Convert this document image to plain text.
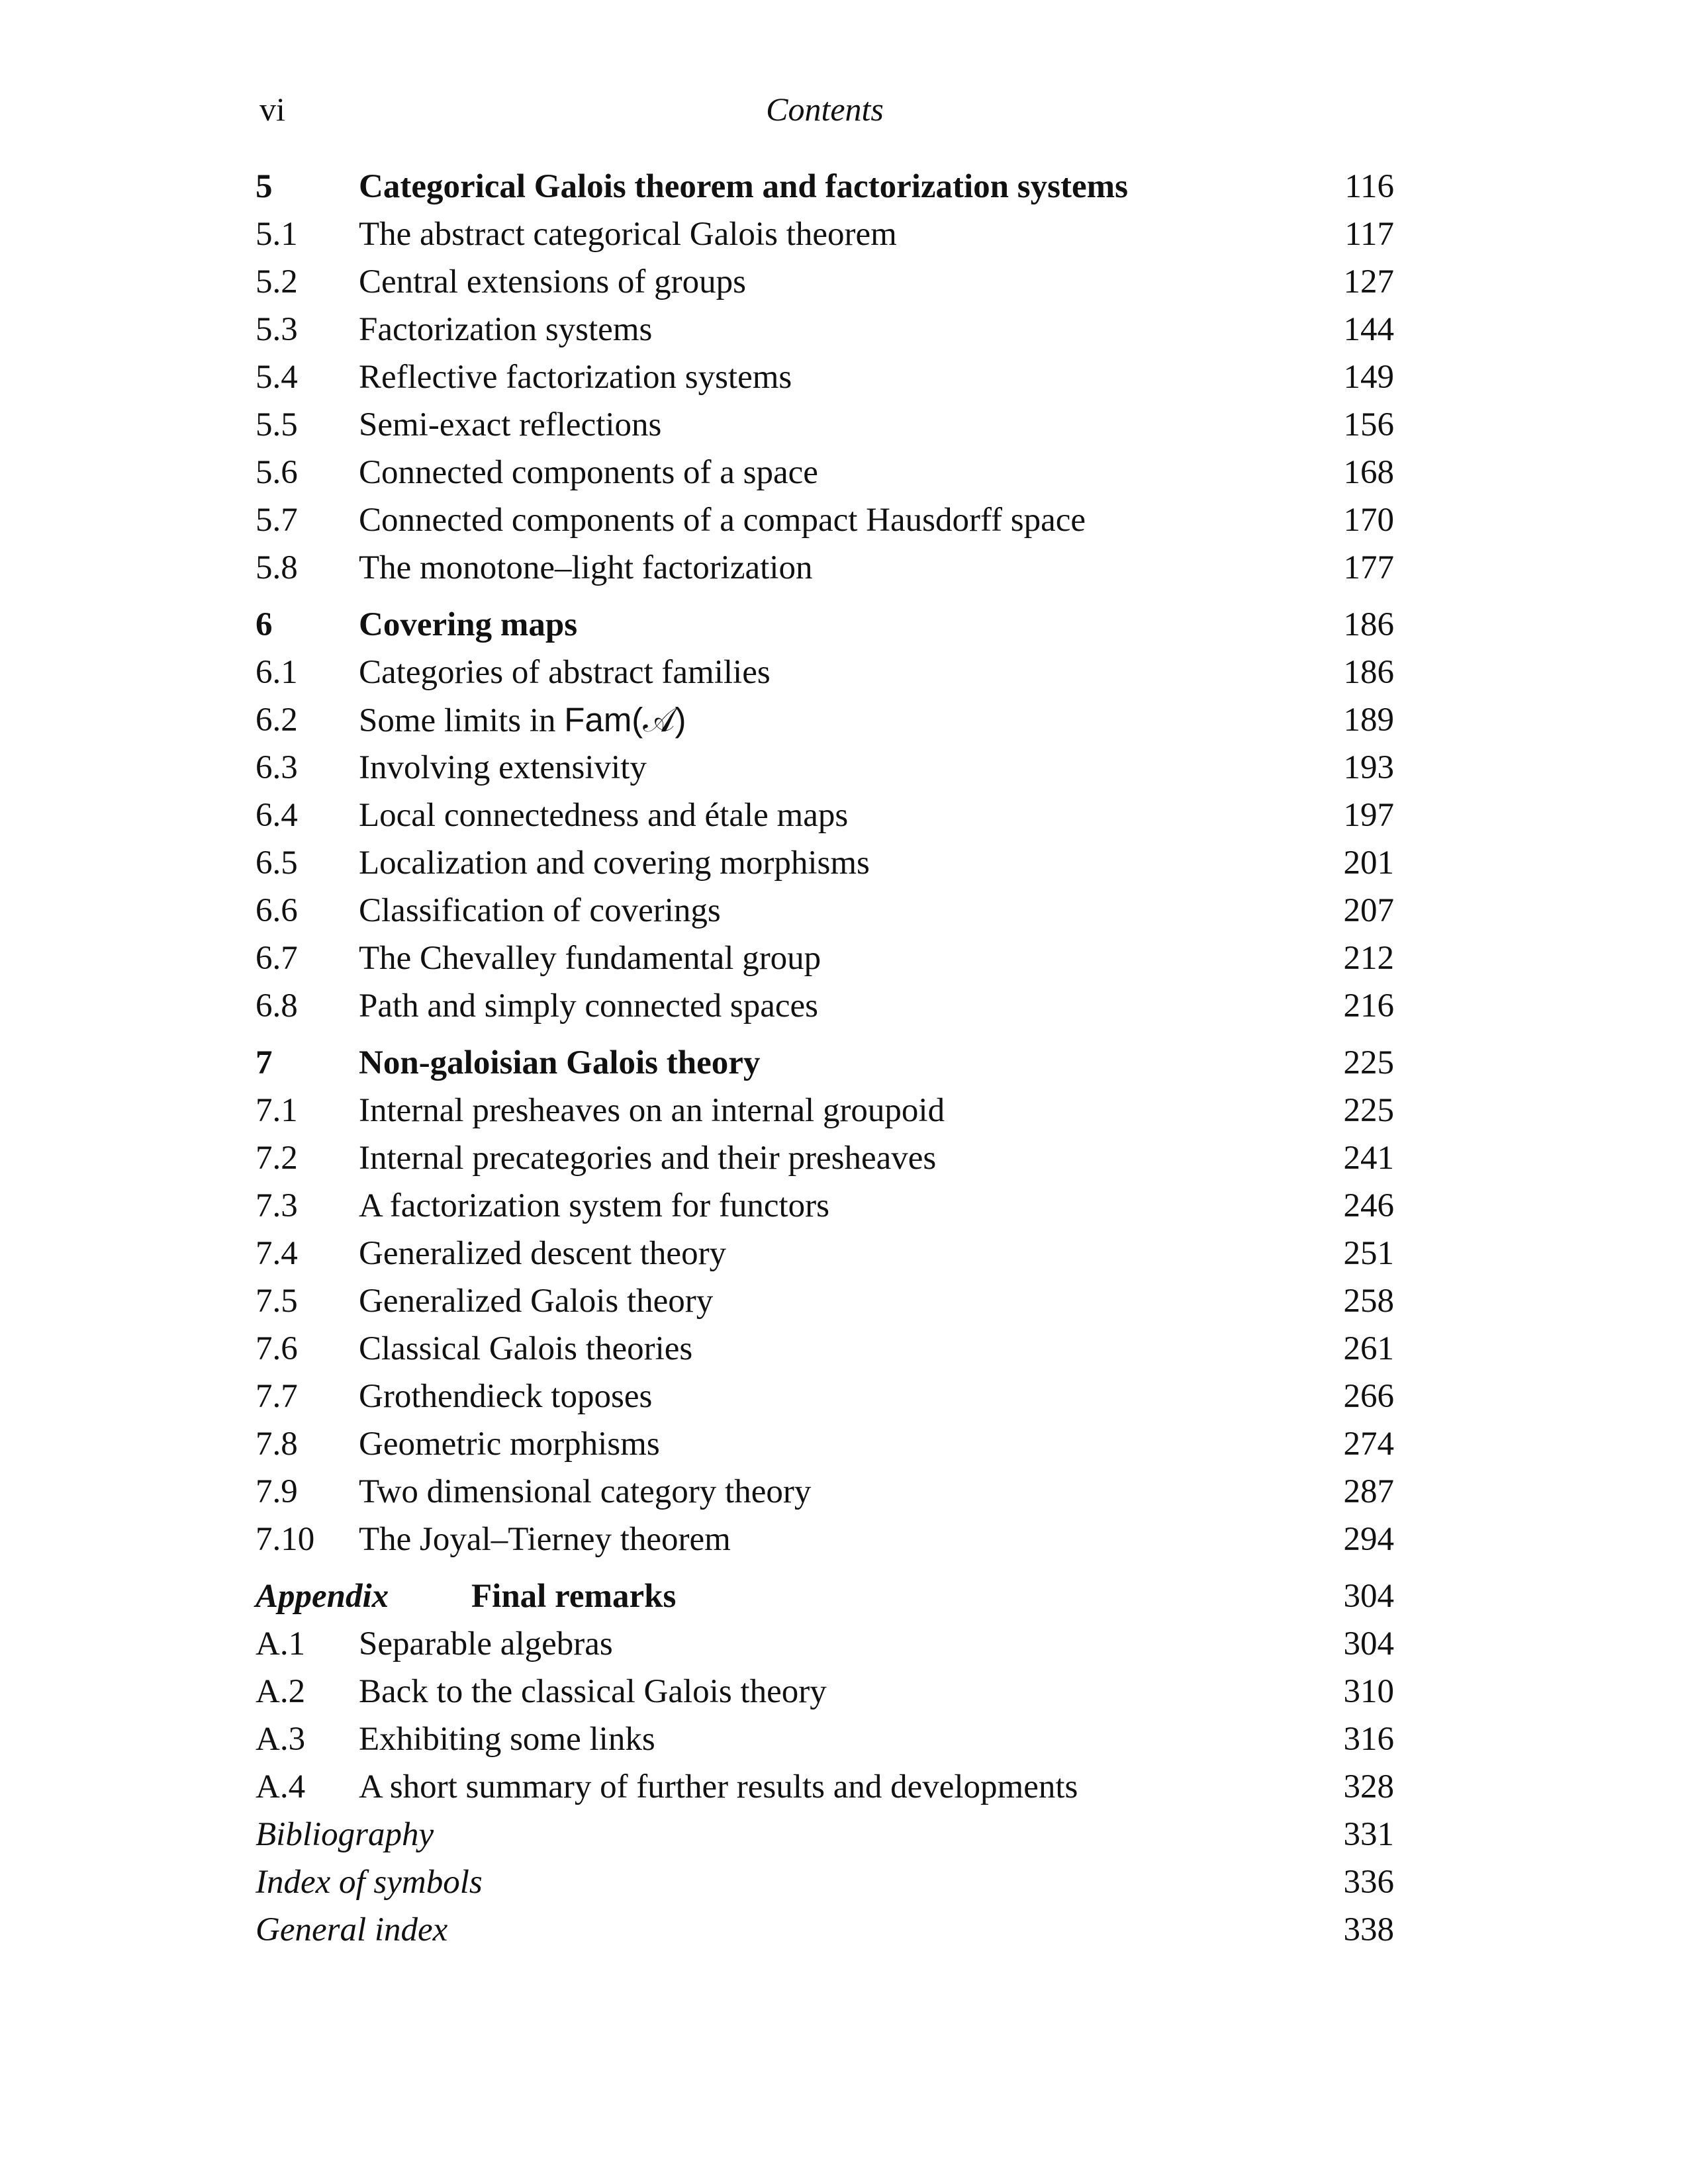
vi	Contents
5	Categorical Galois theorem and factorization systems	116
5.1 The abstract categorical Galois theorem	117
5.2 Central extensions of groups	127
5.3 Factorization systems	144
5.4 Reflective factorization systems	149
5.5 Semi-exact reflections	156
5.6 Connected components of a space	168
5.7 Connected components of a compact Hausdorff space	170
5.8 The monotone–light factorization	177
6	Covering maps	186
6.1 Categories of abstract families	186
6.2 Some limits in Fam(𝒜)	189
6.3 Involving extensivity	193
6.4 Local connectedness and étale maps	197
6.5 Localization and covering morphisms	201
6.6 Classification of coverings	207
6.7 The Chevalley fundamental group	212
6.8 Path and simply connected spaces	216
7	Non-galoisian Galois theory	225
7.1 Internal presheaves on an internal groupoid	225
7.2 Internal precategories and their presheaves	241
7.3 A factorization system for functors	246
7.4 Generalized descent theory	251
7.5 Generalized Galois theory	258
7.6 Classical Galois theories	261
7.7 Grothendieck toposes	266
7.8 Geometric morphisms	274
7.9 Two dimensional category theory	287
7.10 The Joyal–Tierney theorem	294
Appendix Final remarks	304
A.1 Separable algebras	304
A.2 Back to the classical Galois theory	310
A.3 Exhibiting some links	316
A.4 A short summary of further results and developments	328
Bibliography	331
Index of symbols	336
General index	338
